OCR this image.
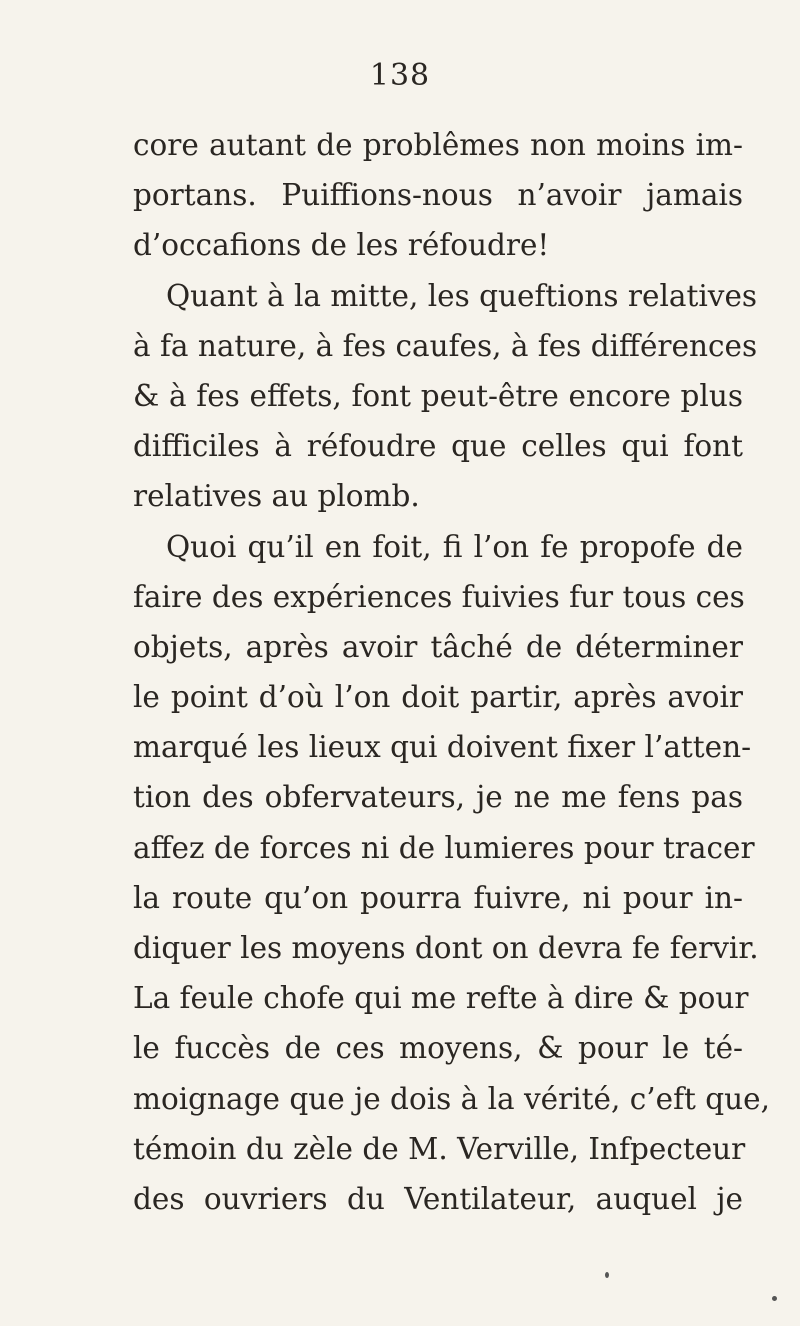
138
core autant de problêmes non moins im-
portans. Puiffions-nous n’avoir jamais
d’occafions de les réfoudre!
Quant à la mitte, les queftions relatives
à fa nature, à fes caufes, à fes différences
& à fes effets, font peut-être encore plus
difficiles à réfoudre que celles qui font
relatives au plomb.
Quoi qu’il en foit, fi l’on fe propofe de
faire des expériences fuivies fur tous ces
objets, après avoir tâché de déterminer
le point d’où l’on doit partir, après avoir
marqué les lieux qui doivent fixer l’atten-
tion des obfervateurs, je ne me fens pas
affez de forces ni de lumieres pour tracer
la route qu’on pourra fuivre, ni pour in-
diquer les moyens dont on devra fe fervir.
La feule chofe qui me refte à dire & pour
le fuccès de ces moyens, & pour le té-
moignage que je dois à la vérité, c’eft que,
témoin du zèle de M. Verville, Infpecteur
des ouvriers du Ventilateur, auquel je
